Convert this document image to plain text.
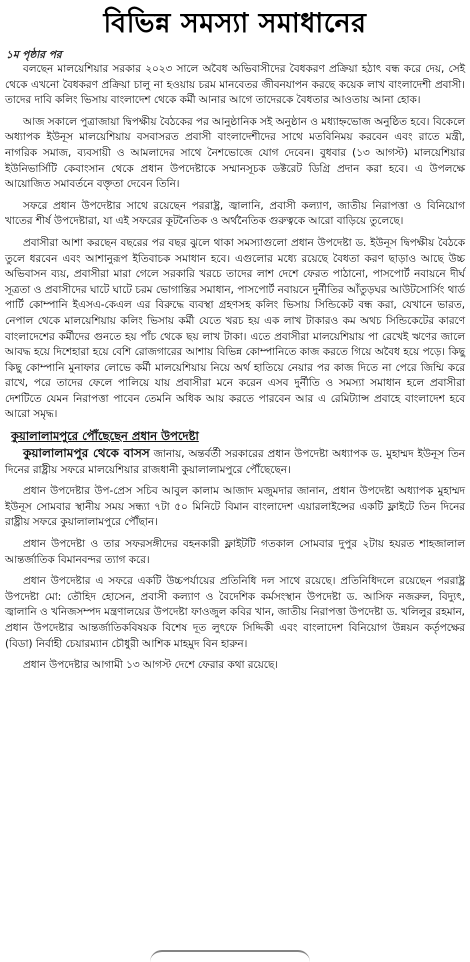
বিভিন্ন সমস্যা সমাধানের
১ম পৃষ্ঠার পর

বলছেন মালয়েশিয়ার সরকার ২০২৩ সালে অবৈধ অভিবাসীদের বৈধকরণ প্রক্রিয়া হঠাৎ বন্ধ করে দেয়, সেই থেকে এখনো বৈধকরণ প্রক্রিয়া চালু না হওয়ায় চরম মানবেতর জীবনযাপন করছে কয়েক লাখ বাংলাদেশী প্রবাসী। তাদের দাবি কলিং ভিসায় বাংলাদেশ থেকে কর্মী আনার আগে তাদেরকে বৈধতার আওতায় আনা হোক।

আজ সকালে পুত্রাজায়া দ্বিপক্ষীয় বৈঠকের পর আনুষ্ঠানিক সই অনুষ্ঠান ও মধ্যাহ্নভোজ অনুষ্ঠিত হবে। বিকেলে অধ্যাপক ইউনূস মালয়েশিয়ায় বসবাসরত প্রবাসী বাংলাদেশীদের সাথে মতবিনিময় করবেন এবং রাতে মন্ত্রী, নাগরিক সমাজ, ব্যবসায়ী ও আমলাদের সাথে নৈশভোজে যোগ দেবেন। বুধবার (১৩ আগস্ট) মালয়েশিয়ার ইউনিভার্সিটি কেবাংসান থেকে প্রধান উপদেষ্টাকে সম্মানসূচক ডক্টরেট ডিগ্রি প্রদান করা হবে। এ উপলক্ষে আয়োজিত সমাবর্তনে বক্তৃতা দেবেন তিনি।

সফরে প্রধান উপদেষ্টার সাথে রয়েছেন পররাষ্ট্র, জ্বালানি, প্রবাসী কল্যাণ, জাতীয় নিরাপত্তা ও বিনিয়োগ খাতের শীর্ষ উপদেষ্টারা, যা এই সফরের কূটনৈতিক ও অর্থনৈতিক গুরুত্বকে আরো বাড়িয়ে তুলেছে।

প্রবাসীরা আশা করছেন বছরের পর বছর ঝুলে থাকা সমস্যাগুলো প্রধান উপদেষ্টা ড. ইউনূস দ্বিপক্ষীয় বৈঠকে তুলে ধরবেন এবং আশানুরূপ ইতিবাচক সমাধান হবে। এগুলোর মধ্যে রয়েছে বৈধতা করণ ছাড়াও আছে উচ্চ অভিবাসন ব্যয়, প্রবাসীরা মারা গেলে সরকারি খরচে তাদের লাশ দেশে ফেরত পাঠানো, পাসপোর্ট নবায়নে দীর্ঘ সূত্রতা ও প্রবাসীদের ঘাটে ঘাটে চরম ভোগান্তির সমাধান, পাসপোর্ট নবায়নে দুর্নীতির আঁতুড়ঘর আউটসোর্সিং থার্ড পার্টি কোম্পানি ইএসএ-কেএল এর বিরুদ্ধে ব্যবস্থা গ্রহণসহ কলিং ভিসায় সিন্ডিকেট বন্ধ করা, যেখানে ভারত, নেপাল থেকে মালয়েশিয়ায় কলিং ভিসায় কর্মী যেতে খরচ হয় এক লাখ টাকারও কম অথচ সিন্ডিকেটের কারণে বাংলাদেশের কর্মীদের গুনতে হয় পাঁচ থেকে ছয় লাখ টাকা। এতে প্রবাসীরা মালয়েশিয়ায় পা রেখেই ঋণের জালে আবদ্ধ হয়ে দিশেহারা হয়ে বেশি রোজগারের আশায় বিভিন্ন কোম্পানিতে কাজ করতে গিয়ে অবৈধ হয়ে পড়ে। কিছু কিছু কোম্পানি মুনাফার লোভে কর্মী মালয়েশিয়ায় নিয়ে অর্থ হাতিয়ে নেয়ার পর কাজ দিতে না পেরে জিম্মি করে রাখে, পরে তাদের ফেলে পালিয়ে যায় প্রবাসীরা মনে করেন এসব দুর্নীতি ও সমস্যা সমাধান হলে প্রবাসীরা দেশটিতে যেমন নিরাপত্তা পাবেন তেমনি অধিক আয় করতে পারবেন আর এ রেমিট্যান্স প্রবাহে বাংলাদেশ হবে আরো সমৃদ্ধ।

কুয়ালালামপুরে পৌঁছেছেন প্রধান উপদেষ্টা

কুয়ালালামপুর থেকে বাসস জানায়, অন্তর্বর্তী সরকারের প্রধান উপদেষ্টা অধ্যাপক ড. মুহাম্মদ ইউনূস তিন দিনের রাষ্ট্রীয় সফরে মালয়েশিয়ার রাজধানী কুয়ালালামপুরে পৌঁছেছেন।

প্রধান উপদেষ্টার উপ-প্রেস সচিব আবুল কালাম আজাদ মজুমদার জানান, প্রধান উপদেষ্টা অধ্যাপক মুহাম্মদ ইউনূস সোমবার স্থানীয় সময় সন্ধ্যা ৭টা ৫০ মিনিটে বিমান বাংলাদেশ এয়ারলাইন্সের একটি ফ্লাইটে তিন দিনের রাষ্ট্রীয় সফরে কুয়ালালামপুরে পৌঁছান।

প্রধান উপদেষ্টা ও তার সফরসঙ্গীদের বহনকারী ফ্লাইটটি গতকাল সোমবার দুপুর ২টায় হযরত শাহজালাল আন্তর্জাতিক বিমানবন্দর ত্যাগ করে।

প্রধান উপদেষ্টার এ সফরে একটি উচ্চপর্যায়ের প্রতিনিধি দল সাথে রয়েছে। প্রতিনিধিদলে রয়েছেন পররাষ্ট্র উপদেষ্টা মো: তৌহিদ হোসেন, প্রবাসী কল্যাণ ও বৈদেশিক কর্মসংস্থান উপদেষ্টা ড. আসিফ নজরুল, বিদ্যুৎ, জ্বালানি ও খনিজসম্পদ মন্ত্রণালয়ের উপদেষ্টা ফাওজুল কবির খান, জাতীয় নিরাপত্তা উপদেষ্টা ড. খলিলুর রহমান, প্রধান উপদেষ্টার আন্তর্জাতিকবিষয়ক বিশেষ দূত লুৎফে সিদ্দিকী এবং বাংলাদেশ বিনিয়োগ উন্নয়ন কর্তৃপক্ষের (বিডা) নির্বাহী চেয়ারম্যান চৌধুরী আশিক মাহমুদ বিন হারুন।

প্রধান উপদেষ্টার আগামী ১৩ আগস্ট দেশে ফেরার কথা রয়েছে।
